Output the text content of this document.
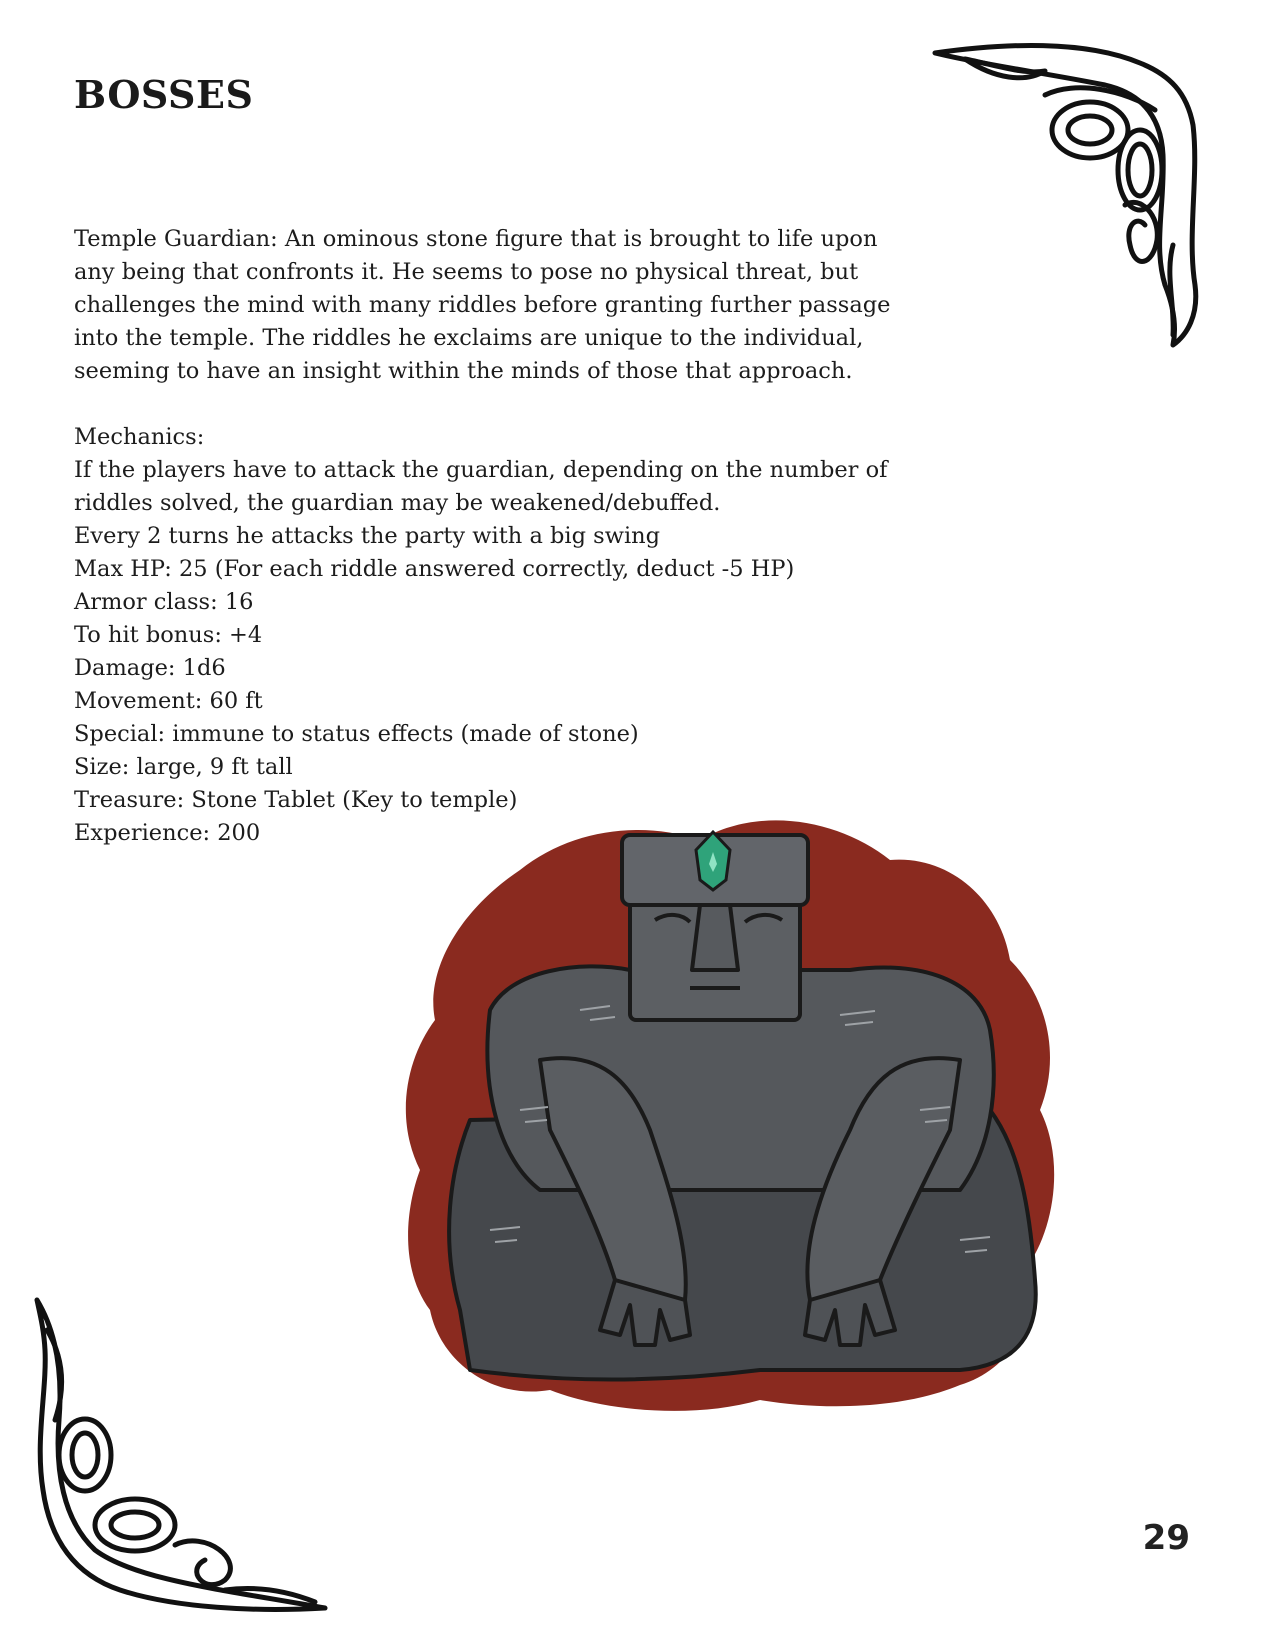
BOSSES

Temple Guardian: An ominous stone figure that is brought to life upon

any being that confronts it. He seems to pose no physical threat, but

challenges the mind with many riddles before granting further passage

into the temple. The riddles he exclaims are unique to the individual,

seeming to have an insight within the minds of those that approach.

Mechanics:

If the players have to attack the guardian, depending on the number of

riddles solved, the guardian may be weakened/debuffed.

Every 2 turns he attacks the party with a big swing

Max HP: 25 (For each riddle answered correctly, deduct -5 HP)

Armor class: 16

To hit bonus: +4

Damage: 1d6

Movement: 60 ft

Special: immune to status effects (made of stone)

Size: large, 9 ft tall

Treasure: Stone Tablet (Key to temple)

Experience: 200

29
